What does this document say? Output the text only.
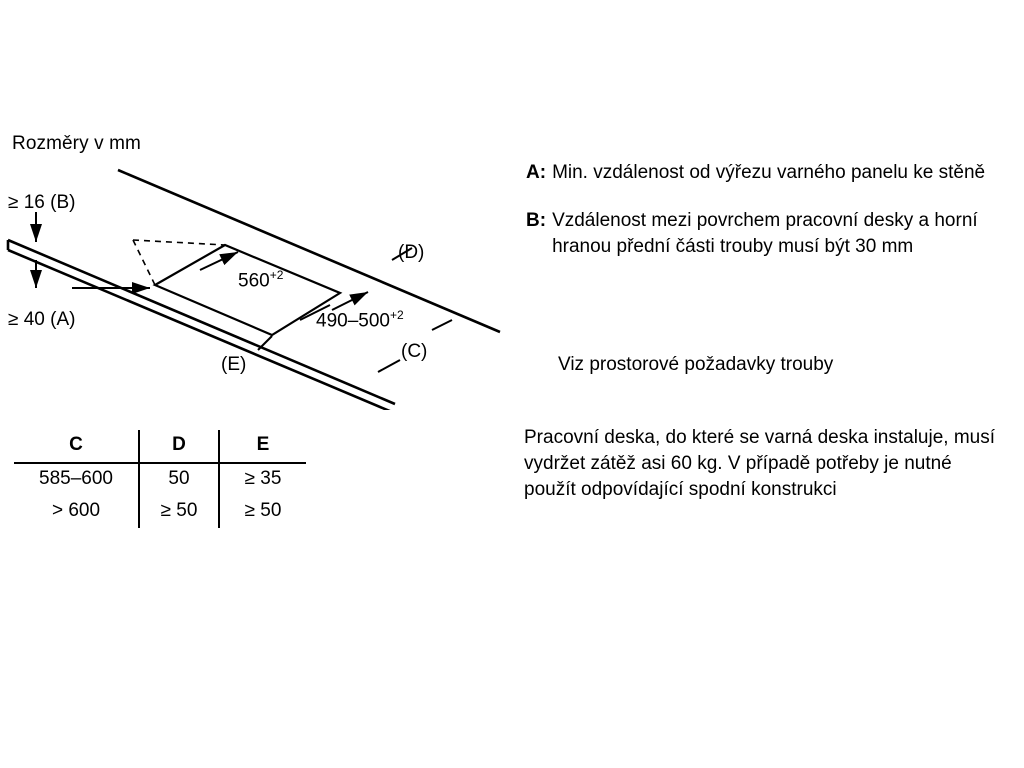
Rozměry v mm
≥ 16 (B)
≥ 40 (A)
$560^{+2}$
$490-500^{+2}$
(D)
(C)
(E)
C	D	E
585–600	50	≥ 35
> 600	≥ 50	≥ 50
A: Min. vzdálenost od výřezu varného panelu ke stěně
B: Vzdálenost mezi povrchem pracovní desky a horní hranou přední části trouby musí být 30 mm
Viz prostorové požadavky trouby
Pracovní deska, do které se varná deska instaluje, musí vydržet zátěž asi 60 kg. V případě potřeby je nutné použít odpovídající spodní konstrukci
